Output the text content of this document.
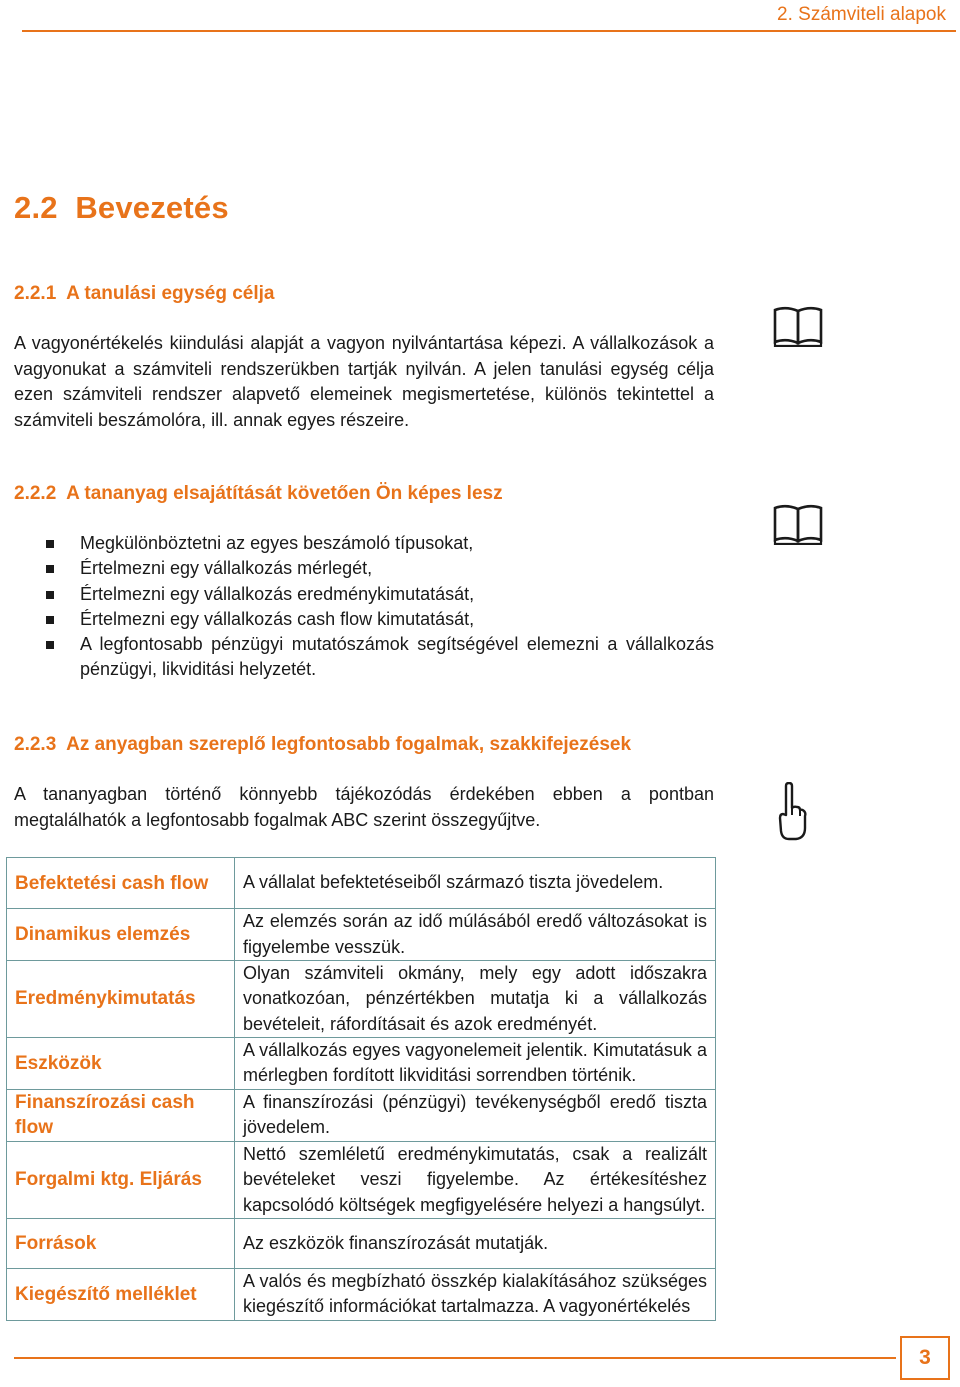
2. Számviteli alapok
2.2  Bevezetés
2.2.1  A tanulási egység célja
A vagyonértékelés kiindulási alapját a vagyon nyilvántartása képezi. A vállalkozások a vagyonukat a számviteli rendszerükben tartják nyilván. A jelen tanulási egység célja ezen számviteli rendszer alapvető elemeinek megismertetése, különös tekintettel a számviteli beszámolóra, ill. annak egyes részeire.
2.2.2  A tananyag elsajátítását követően Ön képes lesz
Megkülönböztetni az egyes beszámoló típusokat,
Értelmezni egy vállalkozás mérlegét,
Értelmezni egy vállalkozás eredménykimutatását,
Értelmezni egy vállalkozás cash flow kimutatását,
A legfontosabb pénzügyi mutatószámok segítségével elemezni a vállalkozás pénzügyi, likviditási helyzetét.
2.2.3  Az anyagban szereplő legfontosabb fogalmak, szakkifejezések
A tananyagban történő könnyebb tájékozódás érdekében ebben a pontban megtalálhatók a legfontosabb fogalmak ABC szerint összegyűjtve.
Befektetési cash flow	A vállalat befektetéseiből származó tiszta jövedelem.
Dinamikus elemzés	Az elemzés során az idő múlásából eredő változásokat is figyelembe vesszük.
Eredménykimutatás	Olyan számviteli okmány, mely egy adott időszakra vonatkozóan, pénzértékben mutatja ki a vállalkozás bevételeit, ráfordításait és azok eredményét.
Eszközök	A vállalkozás egyes vagyonelemeit jelentik. Kimutatásuk a mérlegben fordított likviditási sorrendben történik.
Finanszírozási cash flow	A finanszírozási (pénzügyi) tevékenységből eredő tiszta jövedelem.
Forgalmi ktg. Eljárás	Nettó szemléletű eredménykimutatás, csak a realizált bevételeket veszi figyelembe. Az értékesítéshez kapcsolódó költségek megfigyelésére helyezi a hangsúlyt.
Források	Az eszközök finanszírozását mutatják.
Kiegészítő melléklet	A valós és megbízható összkép kialakításához szükséges kiegészítő információkat tartalmazza. A vagyonértékelés
3
